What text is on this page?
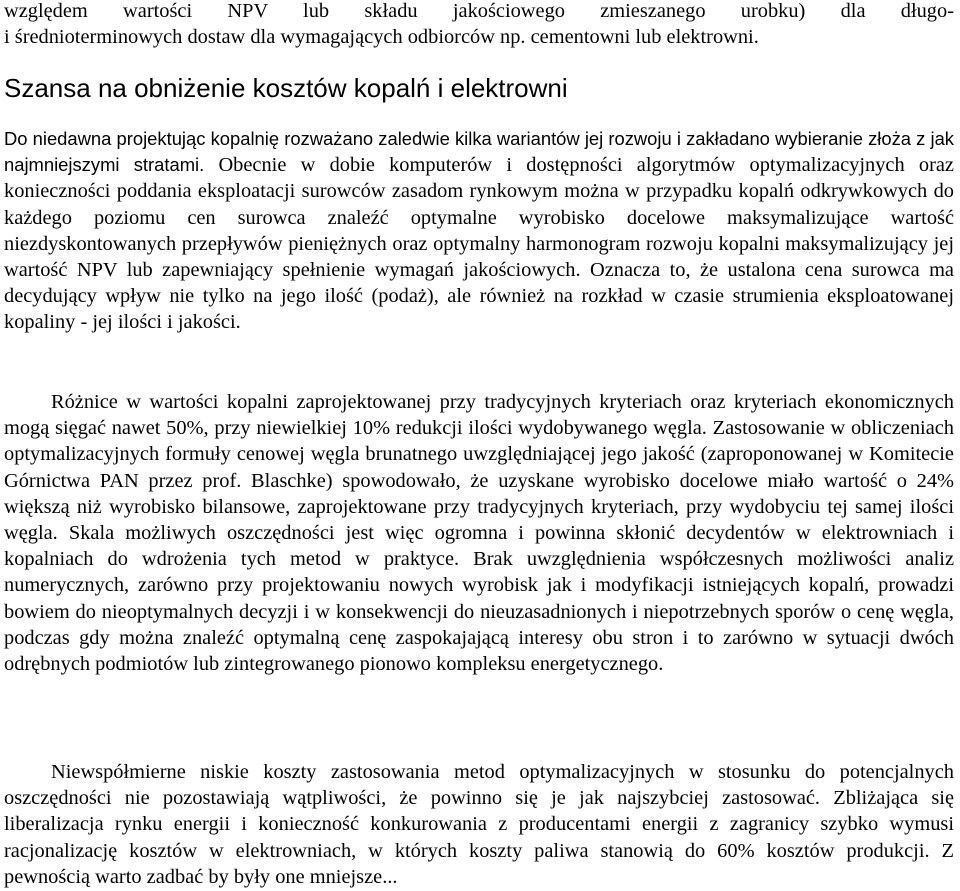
względem wartości NPV lub składu jakościowego zmieszanego urobku) dla długo-

i średnioterminowych dostaw dla wymagających odbiorców np. cementowni lub elektrowni.

Szansa na obniżenie kosztów kopalń i elektrowni

Do niedawna projektując kopalnię rozważano zaledwie kilka wariantów jej rozwoju i zakładano wybieranie złoża z jak najmniejszymi stratami. Obecnie w dobie komputerów i dostępności algorytmów optymalizacyjnych oraz konieczności poddania eksploatacji surowców zasadom rynkowym można w przypadku kopalń odkrywkowych do każdego poziomu cen surowca znaleźć optymalne wyrobisko docelowe maksymalizujące wartość niezdyskontowanych przepływów pieniężnych oraz optymalny harmonogram rozwoju kopalni maksymalizujący jej wartość NPV lub zapewniający spełnienie wymagań jakościowych. Oznacza to, że ustalona cena surowca ma decydujący wpływ nie tylko na jego ilość (podaż), ale również na rozkład w czasie strumienia eksploatowanej kopaliny - jej ilości i jakości.

Różnice w wartości kopalni zaprojektowanej przy tradycyjnych kryteriach oraz kryteriach ekonomicznych mogą sięgać nawet 50%, przy niewielkiej 10% redukcji ilości wydobywanego węgla. Zastosowanie w obliczeniach optymalizacyjnych formuły cenowej węgla brunatnego uwzględniającej jego jakość (zaproponowanej w Komitecie Górnictwa PAN przez prof. Blaschke) spowodowało, że uzyskane wyrobisko docelowe miało wartość o 24% większą niż wyrobisko bilansowe, zaprojektowane przy tradycyjnych kryteriach, przy wydobyciu tej samej ilości węgla. Skala możliwych oszczędności jest więc ogromna i powinna skłonić decydentów w elektrowniach i kopalniach do wdrożenia tych metod w praktyce. Brak uwzględnienia współczesnych możliwości analiz numerycznych, zarówno przy projektowaniu nowych wyrobisk jak i modyfikacji istniejących kopalń, prowadzi bowiem do nieoptymalnych decyzji i w konsekwencji do nieuzasadnionych i niepotrzebnych sporów o cenę węgla, podczas gdy można znaleźć optymalną cenę zaspokajającą interesy obu stron i to zarówno w sytuacji dwóch odrębnych podmiotów lub zintegrowanego pionowo kompleksu energetycznego.

Niewspółmierne niskie koszty zastosowania metod optymalizacyjnych w stosunku do potencjalnych oszczędności nie pozostawiają wątpliwości, że powinno się je jak najszybciej zastosować. Zbliżająca się liberalizacja rynku energii i konieczność konkurowania z producentami energii z zagranicy szybko wymusi racjonalizację kosztów w elektrowniach, w których koszty paliwa stanowią do 60% kosztów produkcji. Z pewnością warto zadbać by były one mniejsze...
